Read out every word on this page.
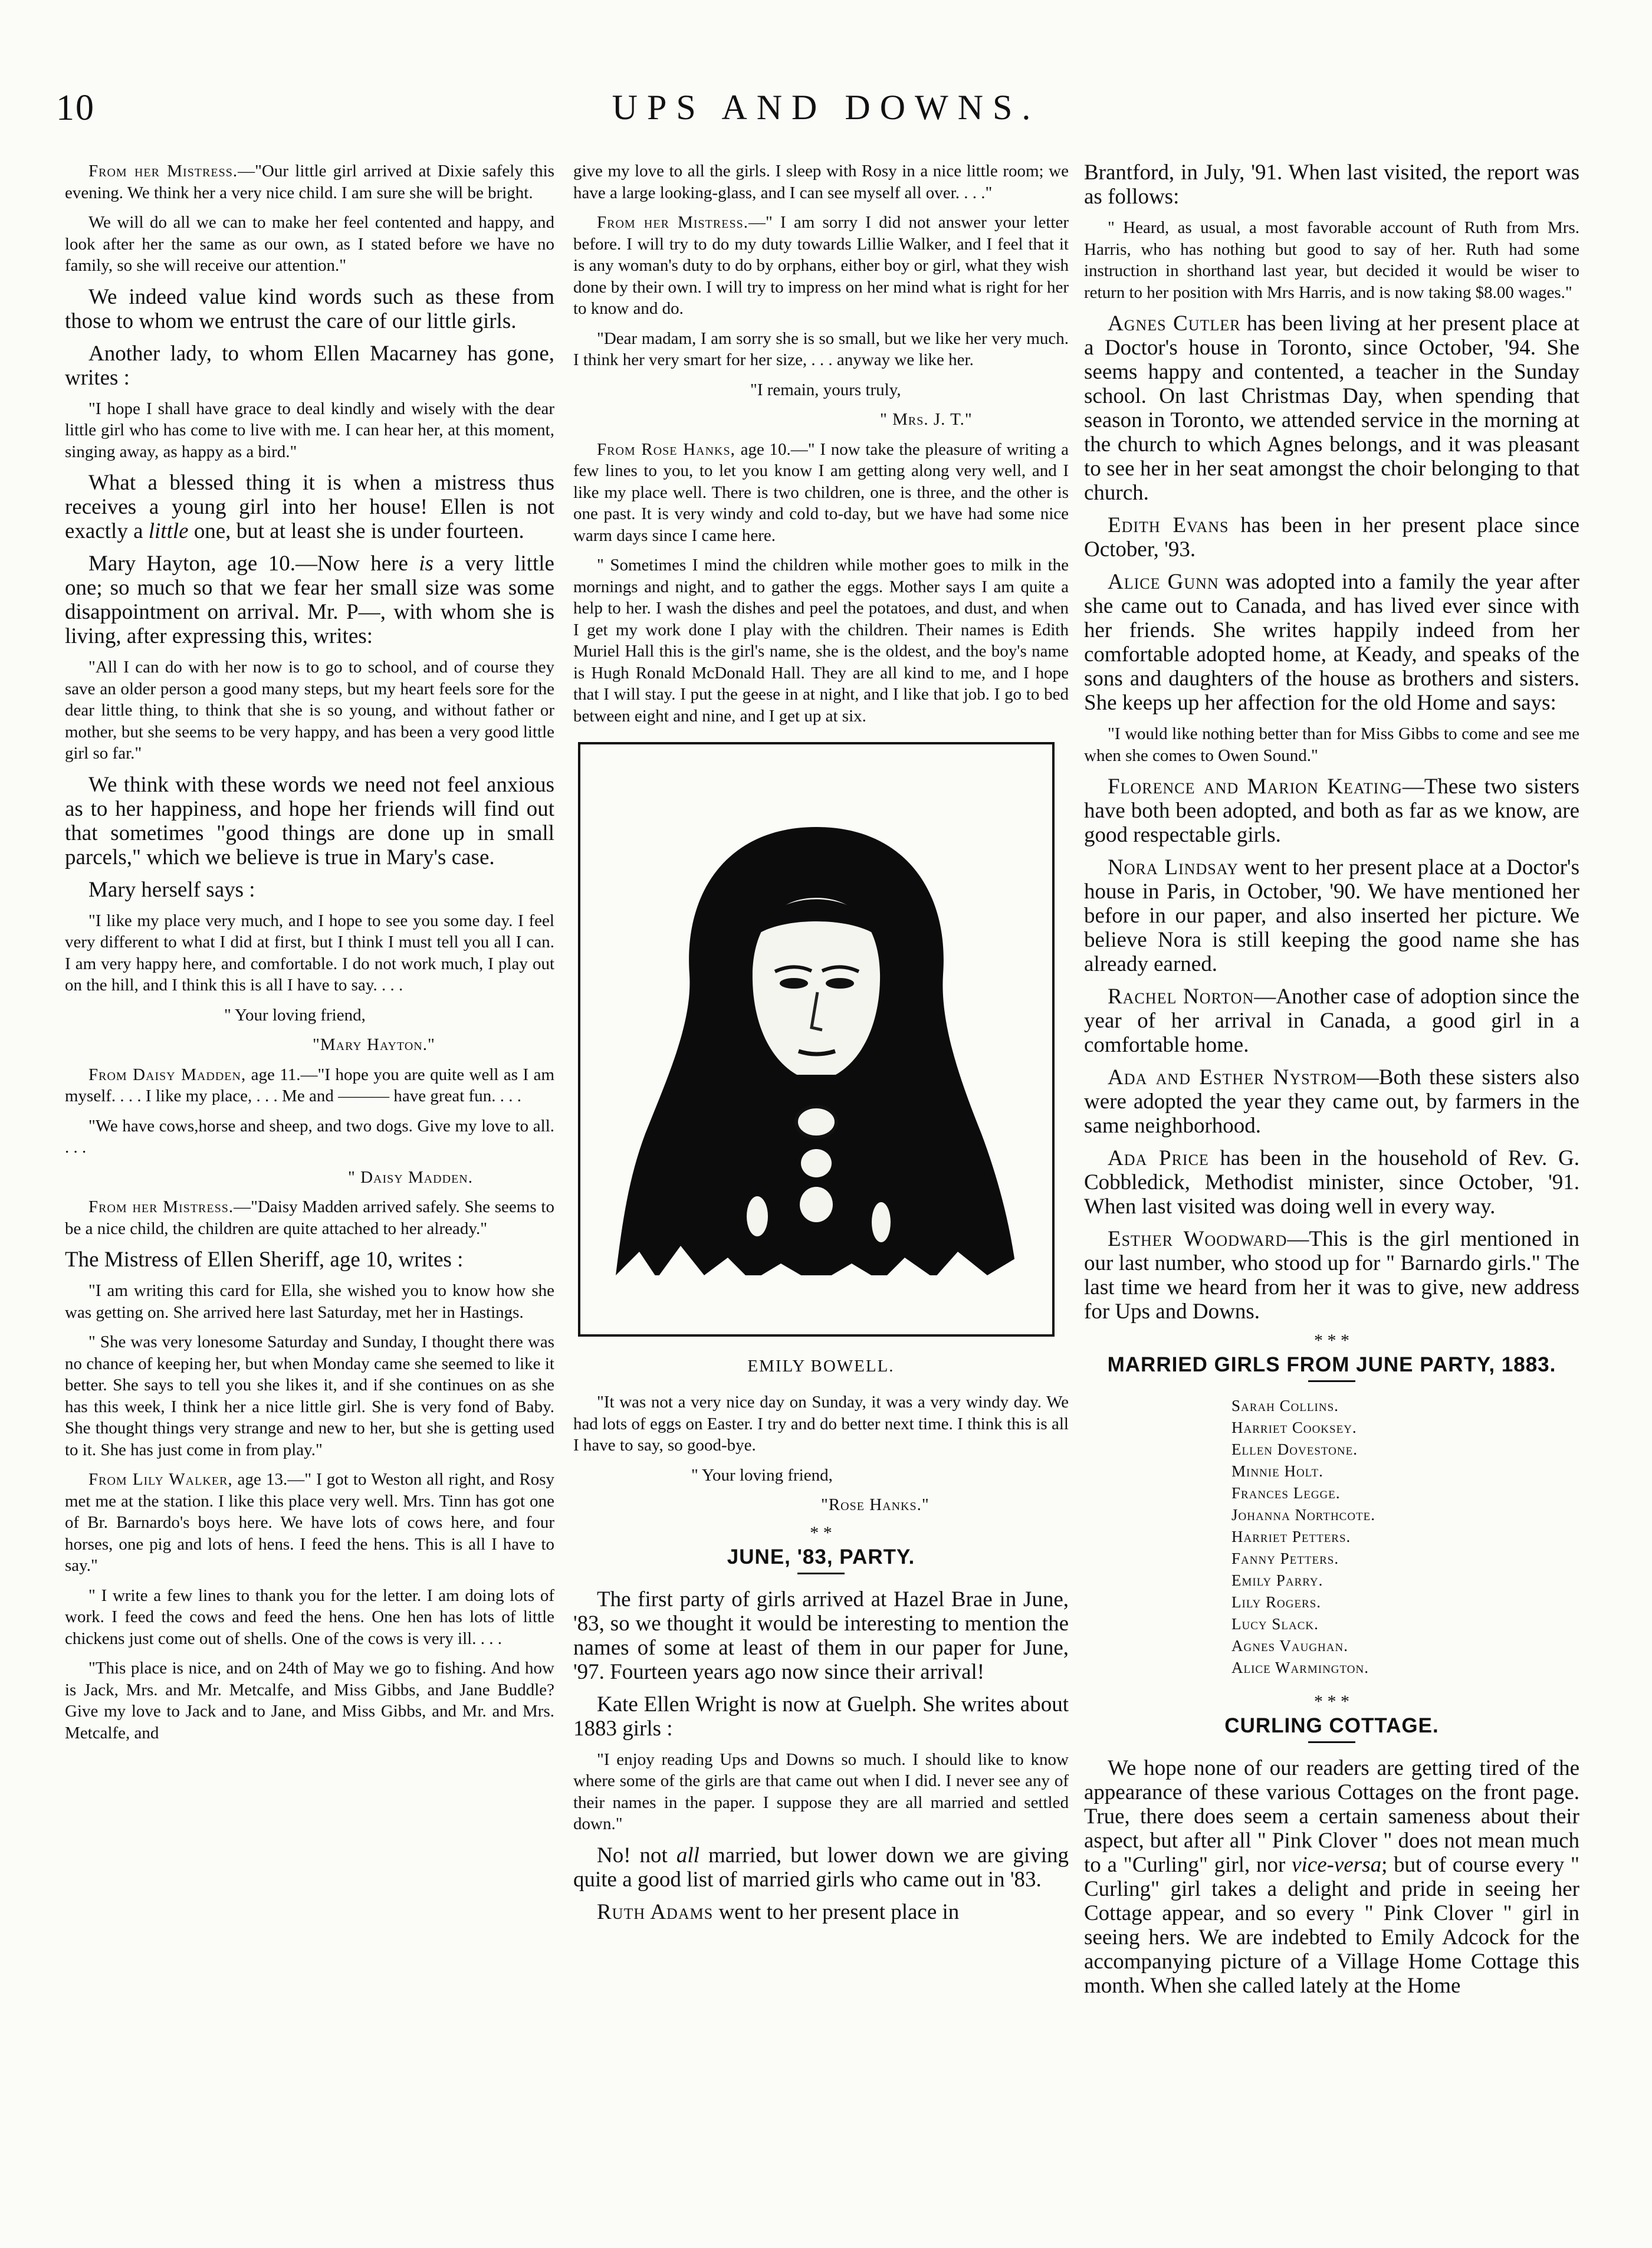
10	UPS AND DOWNS.

From her Mistress.—"Our little girl arrived at Dixie safely this evening. We think her a very nice child. I am sure she will be bright.

We will do all we can to make her feel contented and happy, and look after her the same as our own, as I stated before we have no family, so she will receive our attention."

We indeed value kind words such as these from those to whom we entrust the care of our little girls.

Another lady, to whom Ellen Macarney has gone, writes :

"I hope I shall have grace to deal kindly and wisely with the dear little girl who has come to live with me. I can hear her, at this moment, singing away, as happy as a bird."

What a blessed thing it is when a mistress thus receives a young girl into her house! Ellen is not exactly a little one, but at least she is under fourteen.

Mary Hayton, age 10.—Now here is a very little one; so much so that we fear her small size was some disappointment on arrival. Mr. P—, with whom she is living, after expressing this, writes:

"All I can do with her now is to go to school, and of course they save an older person a good many steps, but my heart feels sore for the dear little thing, to think that she is so young, and without father or mother, but she seems to be very happy, and has been a very good little girl so far."

We think with these words we need not feel anxious as to her happiness, and hope her friends will find out that sometimes "good things are done up in small parcels," which we believe is true in Mary's case.

Mary herself says :

"I like my place very much, and I hope to see you some day. I feel very different to what I did at first, but I think I must tell you all I can. I am very happy here, and comfortable. I do not work much, I play out on the hill, and I think this is all I have to say. . . .

" Your loving friend,
"Mary Hayton."

From Daisy Madden, age 11.—"I hope you are quite well as I am myself. . . . I like my place, . . . Me and ——— have great fun. . . .

"We have cows,horse and sheep, and two dogs. Give my love to all. . . .

" Daisy Madden.

From her Mistress.—"Daisy Madden arrived safely. She seems to be a nice child, the children are quite attached to her already."

The Mistress of Ellen Sheriff, age 10, writes :

"I am writing this card for Ella, she wished you to know how she was getting on. She arrived here last Saturday, met her in Hastings.

" She was very lonesome Saturday and Sunday, I thought there was no chance of keeping her, but when Monday came she seemed to like it better. She says to tell you she likes it, and if she continues on as she has this week, I think her a nice little girl. She is very fond of Baby. She thought things very strange and new to her, but she is getting used to it. She has just come in from play."

From Lily Walker, age 13.—" I got to Weston all right, and Rosy met me at the station. I like this place very well. Mrs. Tinn has got one of Br. Barnardo's boys here. We have lots of cows here, and four horses, one pig and lots of hens. I feed the hens. This is all I have to say."

" I write a few lines to thank you for the letter. I am doing lots of work. I feed the cows and feed the hens. One hen has lots of little chickens just come out of shells. One of the cows is very ill. . . .

"This place is nice, and on 24th of May we go to fishing. And how is Jack, Mrs. and Mr. Metcalfe, and Miss Gibbs, and Jane Buddle? Give my love to Jack and to Jane, and Miss Gibbs, and Mr. and Mrs. Metcalfe, and

give my love to all the girls. I sleep with Rosy in a nice little room; we have a large looking-glass, and I can see myself all over. . . ."

From her Mistress.—" I am sorry I did not answer your letter before. I will try to do my duty towards Lillie Walker, and I feel that it is any woman's duty to do by orphans, either boy or girl, what they wish done by their own. I will try to impress on her mind what is right for her to know and do.

"Dear madam, I am sorry she is so small, but we like her very much. I think her very smart for her size, . . . anyway we like her.

"I remain, yours truly,
" Mrs. J. T."

From Rose Hanks, age 10.—" I now take the pleasure of writing a few lines to you, to let you know I am getting along very well, and I like my place well. There is two children, one is three, and the other is one past. It is very windy and cold to-day, but we have had some nice warm days since I came here.

" Sometimes I mind the children while mother goes to milk in the mornings and night, and to gather the eggs. Mother says I am quite a help to her. I wash the dishes and peel the potatoes, and dust, and when I get my work done I play with the children. Their names is Edith Muriel Hall this is the girl's name, she is the oldest, and the boy's name is Hugh Ronald McDonald Hall. They are all kind to me, and I hope that I will stay. I put the geese in at night, and I like that job. I go to bed between eight and nine, and I get up at six.

EMILY BOWELL.

"It was not a very nice day on Sunday, it was a very windy day. We had lots of eggs on Easter. I try and do better next time. I think this is all I have to say, so good-bye.

" Your loving friend,
"Rose Hanks."
* *
JUNE, '83, PARTY.

The first party of girls arrived at Hazel Brae in June, '83, so we thought it would be interesting to mention the names of some at least of them in our paper for June, '97. Fourteen years ago now since their arrival!

Kate Ellen Wright is now at Guelph. She writes about 1883 girls :

"I enjoy reading Ups and Downs so much. I should like to know where some of the girls are that came out when I did. I never see any of their names in the paper. I suppose they are all married and settled down."

No! not all married, but lower down we are giving quite a good list of married girls who came out in '83.

Ruth Adams went to her present place in

Brantford, in July, '91. When last visited, the report was as follows:

" Heard, as usual, a most favorable account of Ruth from Mrs. Harris, who has nothing but good to say of her. Ruth had some instruction in shorthand last year, but decided it would be wiser to return to her position with Mrs Harris, and is now taking $8.00 wages."

Agnes Cutler has been living at her present place at a Doctor's house in Toronto, since October, '94. She seems happy and contented, a teacher in the Sunday school. On last Christmas Day, when spending that season in Toronto, we attended service in the morning at the church to which Agnes belongs, and it was pleasant to see her in her seat amongst the choir belonging to that church.

Edith Evans has been in her present place since October, '93.

Alice Gunn was adopted into a family the year after she came out to Canada, and has lived ever since with her friends. She writes happily indeed from her comfortable adopted home, at Keady, and speaks of the sons and daughters of the house as brothers and sisters. She keeps up her affection for the old Home and says:

"I would like nothing better than for Miss Gibbs to come and see me when she comes to Owen Sound."

Florence and Marion Keating—These two sisters have both been adopted, and both as far as we know, are good respectable girls.

Nora Lindsay went to her present place at a Doctor's house in Paris, in October, '90. We have mentioned her before in our paper, and also inserted her picture. We believe Nora is still keeping the good name she has already earned.

Rachel Norton—Another case of adoption since the year of her arrival in Canada, a good girl in a comfortable home.

Ada and Esther Nystrom—Both these sisters also were adopted the year they came out, by farmers in the same neighborhood.

Ada Price has been in the household of Rev. G. Cobbledick, Methodist minister, since October, '91. When last visited was doing well in every way.

Esther Woodward—This is the girl mentioned in our last number, who stood up for " Barnardo girls." The last time we heard from her it was to give, new address for Ups and Downs.

* * *
MARRIED GIRLS FROM JUNE PARTY, 1883.
Sarah Collins.
Harriet Cooksey.
Ellen Dovestone.
Minnie Holt.
Frances Legge.
Johanna Northcote.
Harriet Petters.
Fanny Petters.
Emily Parry.
Lily Rogers.
Lucy Slack.
Agnes Vaughan.
Alice Warmington.
* * *
CURLING COTTAGE.

We hope none of our readers are getting tired of the appearance of these various Cottages on the front page. True, there does seem a certain sameness about their aspect, but after all " Pink Clover " does not mean much to a "Curling" girl, nor vice-versa; but of course every " Curling" girl takes a delight and pride in seeing her Cottage appear, and so every " Pink Clover " girl in seeing hers. We are indebted to Emily Adcock for the accompanying picture of a Village Home Cottage this month. When she called lately at the Home
